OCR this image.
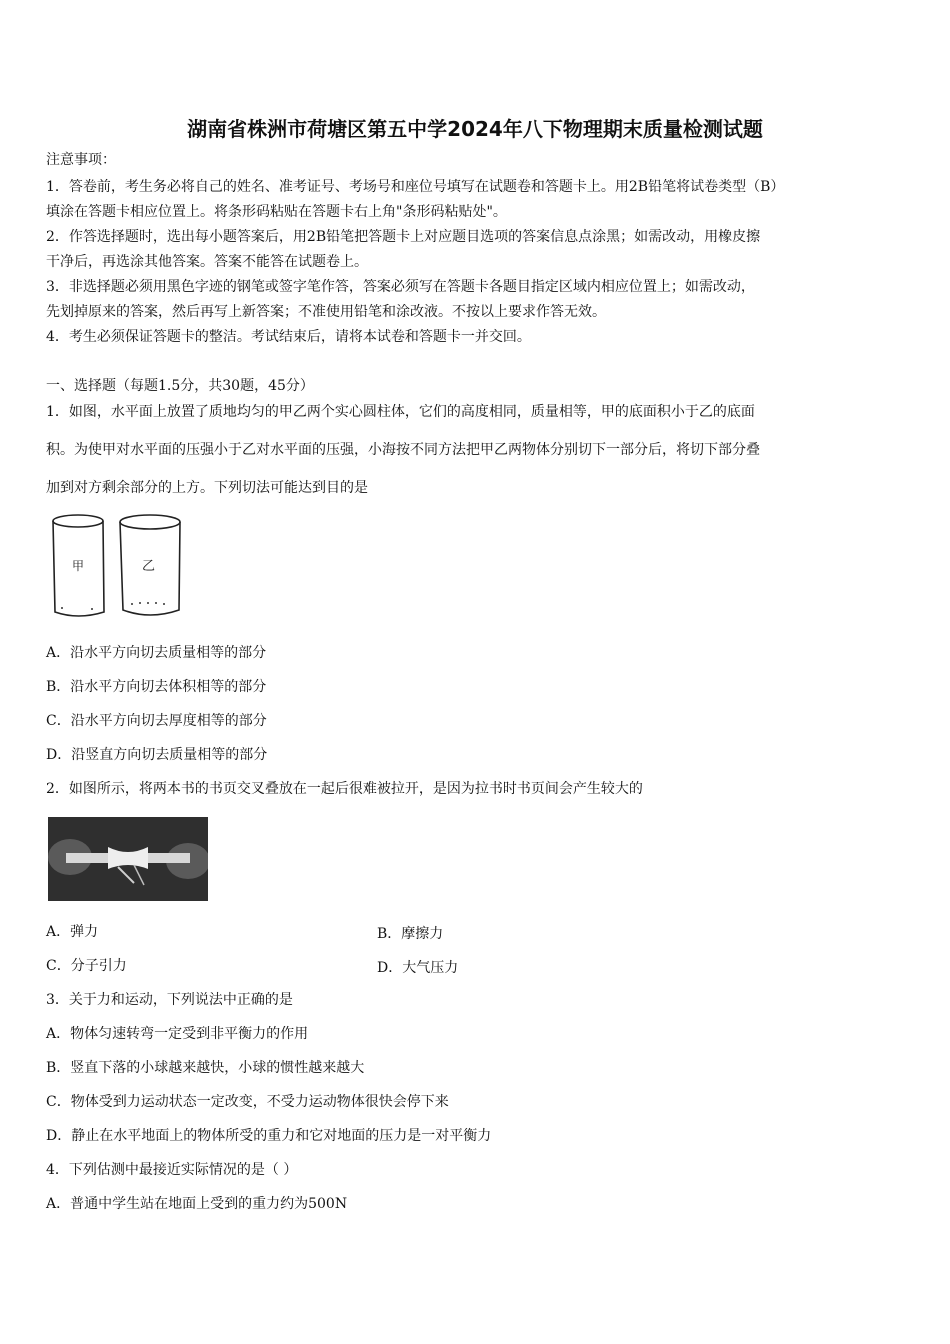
湖南省株洲市荷塘区第五中学2024年八下物理期末质量检测试题
注意事项：
1．答卷前，考生务必将自己的姓名、准考证号、考场号和座位号填写在试题卷和答题卡上。用2B铅笔将试卷类型（B）
填涂在答题卡相应位置上。将条形码粘贴在答题卡右上角"条形码粘贴处"。
2．作答选择题时，选出每小题答案后，用2B铅笔把答题卡上对应题目选项的答案信息点涂黑；如需改动，用橡皮擦
干净后，再选涂其他答案。答案不能答在试题卷上。
3．非选择题必须用黑色字迹的钢笔或签字笔作答，答案必须写在答题卡各题目指定区域内相应位置上；如需改动，
先划掉原来的答案，然后再写上新答案；不准使用铅笔和涂改液。不按以上要求作答无效。
4．考生必须保证答题卡的整洁。考试结束后，请将本试卷和答题卡一并交回。
一、选择题（每题1.5分，共30题，45分）
1．如图，水平面上放置了质地均匀的甲乙两个实心圆柱体，它们的高度相同，质量相等，甲的底面积小于乙的底面
积。为使甲对水平面的压强小于乙对水平面的压强，小海按不同方法把甲乙两物体分别切下一部分后，将切下部分叠
加到对方剩余部分的上方。下列切法可能达到目的是
甲	乙
A．沿水平方向切去质量相等的部分
B．沿水平方向切去体积相等的部分
C．沿水平方向切去厚度相等的部分
D．沿竖直方向切去质量相等的部分
2．如图所示，将两本书的书页交叉叠放在一起后很难被拉开，是因为拉书时书页间会产生较大的
A．弹力	B．摩擦力
C．分子引力	D．大气压力
3．关于力和运动，下列说法中正确的是
A．物体匀速转弯一定受到非平衡力的作用
B．竖直下落的小球越来越快，小球的惯性越来越大
C．物体受到力运动状态一定改变，不受力运动物体很快会停下来
D．静止在水平地面上的物体所受的重力和它对地面的压力是一对平衡力
4．下列估测中最接近实际情况的是（ ）
A．普通中学生站在地面上受到的重力约为500N
